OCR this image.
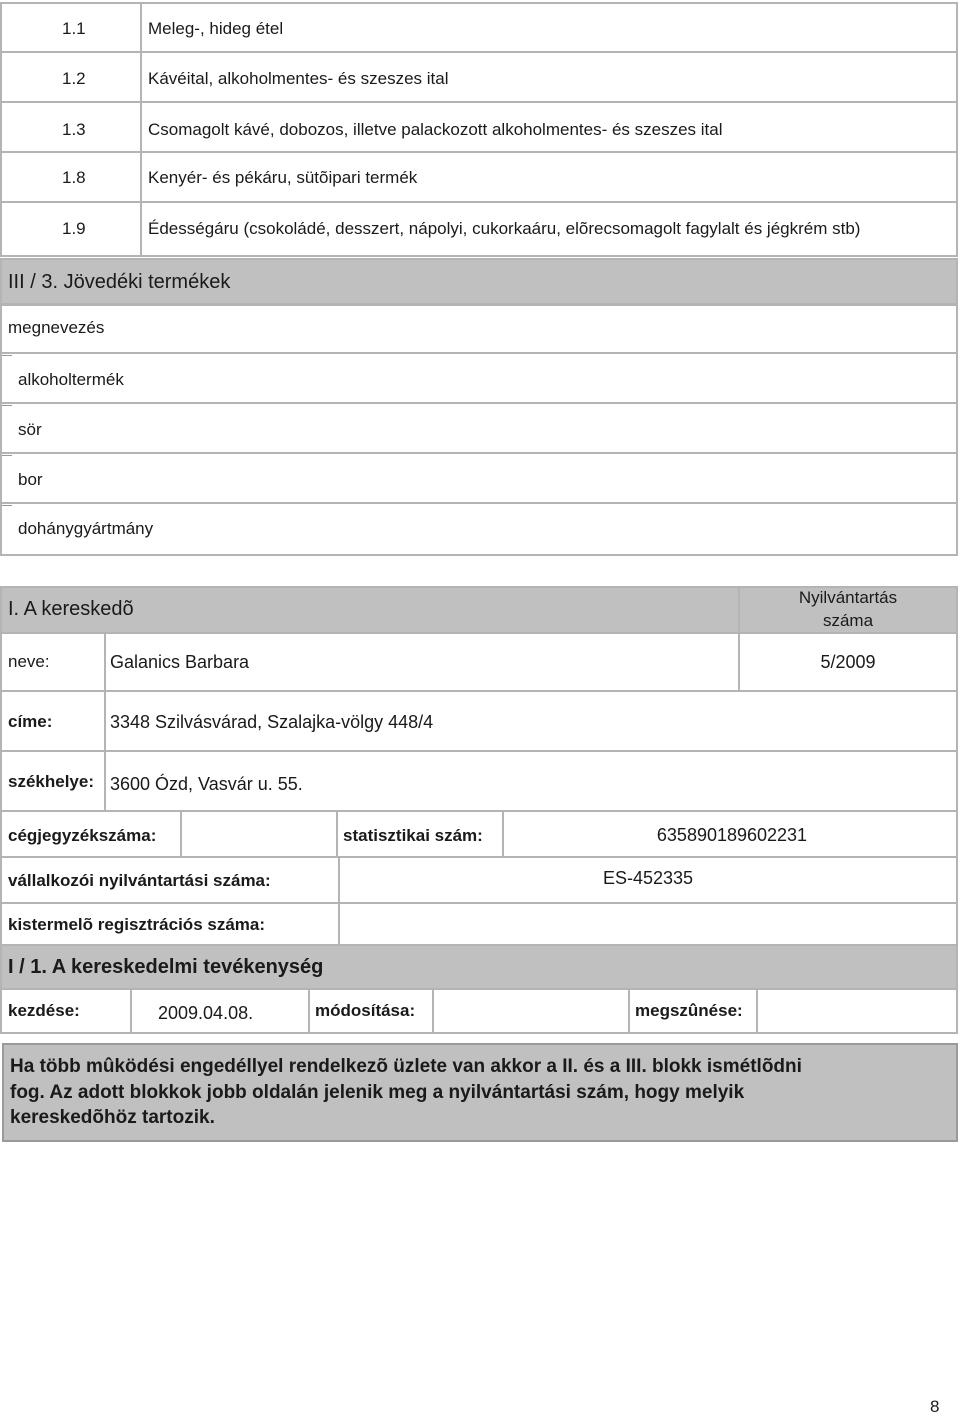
1.1	Meleg-, hideg étel
1.2	Kávéital, alkoholmentes- és szeszes ital
1.3	Csomagolt kávé, dobozos, illetve palackozott alkoholmentes- és szeszes ital
1.8	Kenyér- és pékáru, sütõipari termék
1.9	Édességáru (csokoládé, desszert, nápolyi, cukorkaáru, elõrecsomagolt fagylalt és jégkrém stb)
III / 3. Jövedéki termékek
megnevezés
alkoholtermék
sör
bor
dohánygyártmány
I. A kereskedõ
Nyilvántartás
száma
neve:	Galanics Barbara	5/2009
címe:	3348 Szilvásvárad, Szalajka-völgy 448/4
székhelye: 3600 Ózd, Vasvár u. 55.
cégjegyzékszáma:	statisztikai szám:	635890189602231
vállalkozói nyilvántartási száma:	ES-452335
kistermelõ regisztrációs száma:
I / 1. A kereskedelmi tevékenység
kezdése:	2009.04.08.	módosítása:	megszûnése:
Ha több mûködési engedéllyel rendelkezõ üzlete van akkor a II. és a III. blokk ismétlõdni
fog. Az adott blokkok jobb oldalán jelenik meg a nyilvántartási szám, hogy melyik
kereskedõhöz tartozik.
8
